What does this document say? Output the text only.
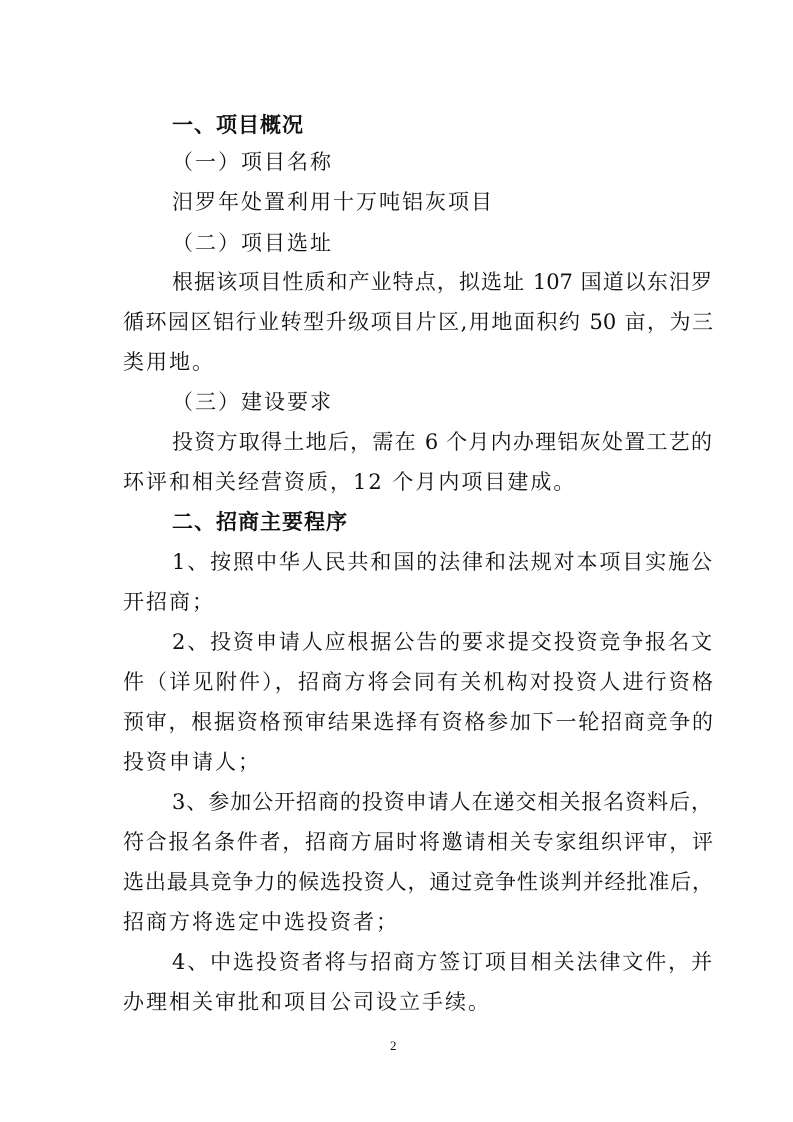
一、项目概况
（一）项目名称
汨罗年处置利用十万吨铝灰项目
（二）项目选址
根据该项目性质和产业特点，拟选址 107 国道以东汨罗
循环园区铝行业转型升级项目片区,用地面积约 50 亩，为三
类用地。
（三）建设要求
投资方取得土地后，需在 6 个月内办理铝灰处置工艺的
环评和相关经营资质，12 个月内项目建成。
二、招商主要程序
1、按照中华人民共和国的法律和法规对本项目实施公
开招商；
2、投资申请人应根据公告的要求提交投资竞争报名文
件（详见附件），招商方将会同有关机构对投资人进行资格
预审，根据资格预审结果选择有资格参加下一轮招商竞争的
投资申请人；
3、参加公开招商的投资申请人在递交相关报名资料后，
符合报名条件者，招商方届时将邀请相关专家组织评审，评
选出最具竞争力的候选投资人，通过竞争性谈判并经批准后，
招商方将选定中选投资者；
4、中选投资者将与招商方签订项目相关法律文件，并
办理相关审批和项目公司设立手续。
2
